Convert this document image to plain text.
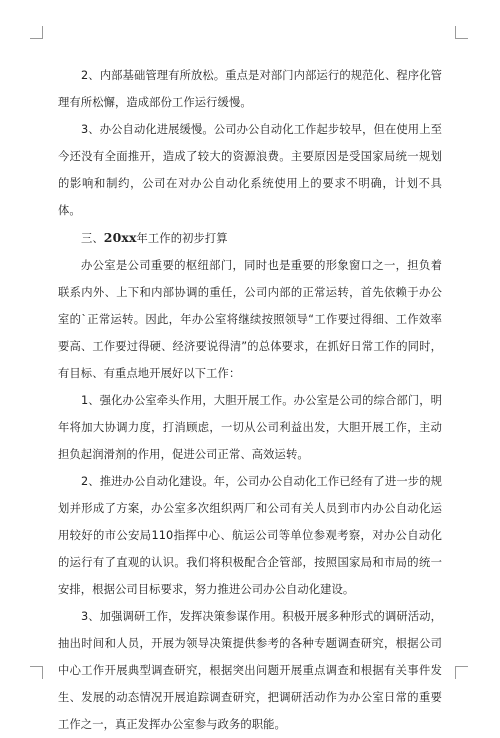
2、内部基础管理有所放松。重点是对部门内部运行的规范化、程序化管理有所松懈，造成部份工作运行缓慢。

3、办公自动化进展缓慢。公司办公自动化工作起步较早，但在使用上至今还没有全面推开，造成了较大的资源浪费。主要原因是受国家局统一规划的影响和制约，公司在对办公自动化系统使用上的要求不明确，计划不具体。

三、20xx年工作的初步打算

办公室是公司重要的枢纽部门，同时也是重要的形象窗口之一，担负着联系内外、上下和内部协调的重任，公司内部的正常运转，首先依赖于办公室的`正常运转。因此，年办公室将继续按照领导“工作要过得细、工作效率要高、工作要过得硬、经济要说得清”的总体要求，在抓好日常工作的同时，有目标、有重点地开展好以下工作：

1、强化办公室牵头作用，大胆开展工作。办公室是公司的综合部门，明年将加大协调力度，打消顾虑，一切从公司利益出发，大胆开展工作，主动担负起润滑剂的作用，促进公司正常、高效运转。

2、推进办公自动化建设。年，公司办公自动化工作已经有了进一步的规划并形成了方案，办公室多次组织两厂和公司有关人员到市内办公自动化运用较好的市公安局110指挥中心、航运公司等单位参观考察，对办公自动化的运行有了直观的认识。我们将积极配合企管部，按照国家局和市局的统一安排，根据公司目标要求，努力推进公司办公自动化建设。

3、加强调研工作，发挥决策参谋作用。积极开展多种形式的调研活动，抽出时间和人员，开展为领导决策提供参考的各种专题调查研究，根据公司中心工作开展典型调查研究，根据突出问题开展重点调查和根据有关事件发生、发展的动态情况开展追踪调查研究，把调研活动作为办公室日常的重要工作之一，真正发挥办公室参与政务的职能。
